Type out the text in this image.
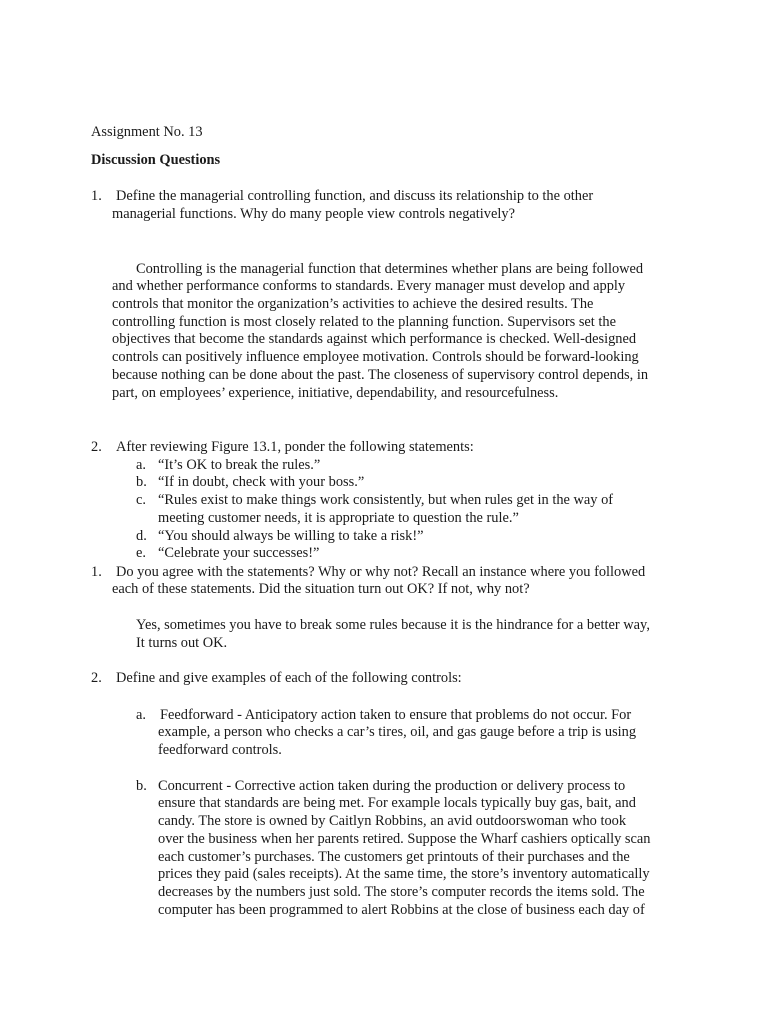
Assignment No. 13
Discussion Questions
1. Define the managerial controlling function, and discuss its relationship to the other
managerial functions. Why do many people view controls negatively?
Controlling is the managerial function that determines whether plans are being followed
and whether performance conforms to standards. Every manager must develop and apply
controls that monitor the organization’s activities to achieve the desired results. The
controlling function is most closely related to the planning function. Supervisors set the
objectives that become the standards against which performance is checked. Well-designed
controls can positively influence employee motivation. Controls should be forward-looking
because nothing can be done about the past. The closeness of supervisory control depends, in
part, on employees’ experience, initiative, dependability, and resourcefulness.
2. After reviewing Figure 13.1, ponder the following statements:
a. “It’s OK to break the rules.”
b. “If in doubt, check with your boss.”
c. “Rules exist to make things work consistently, but when rules get in the way of
meeting customer needs, it is appropriate to question the rule.”
d. “You should always be willing to take a risk!”
e. “Celebrate your successes!”
1. Do you agree with the statements? Why or why not? Recall an instance where you followed
each of these statements. Did the situation turn out OK? If not, why not?
Yes, sometimes you have to break some rules because it is the hindrance for a better way,
It turns out OK.
2. Define and give examples of each of the following controls:
a. Feedforward - Anticipatory action taken to ensure that problems do not occur. For
example, a person who checks a car’s tires, oil, and gas gauge before a trip is using
feedforward controls.
b. Concurrent - Corrective action taken during the production or delivery process to
ensure that standards are being met. For example locals typically buy gas, bait, and
candy. The store is owned by Caitlyn Robbins, an avid outdoorswoman who took
over the business when her parents retired. Suppose the Wharf cashiers optically scan
each customer’s purchases. The customers get printouts of their purchases and the
prices they paid (sales receipts). At the same time, the store’s inventory automatically
decreases by the numbers just sold. The store’s computer records the items sold. The
computer has been programmed to alert Robbins at the close of business each day of
